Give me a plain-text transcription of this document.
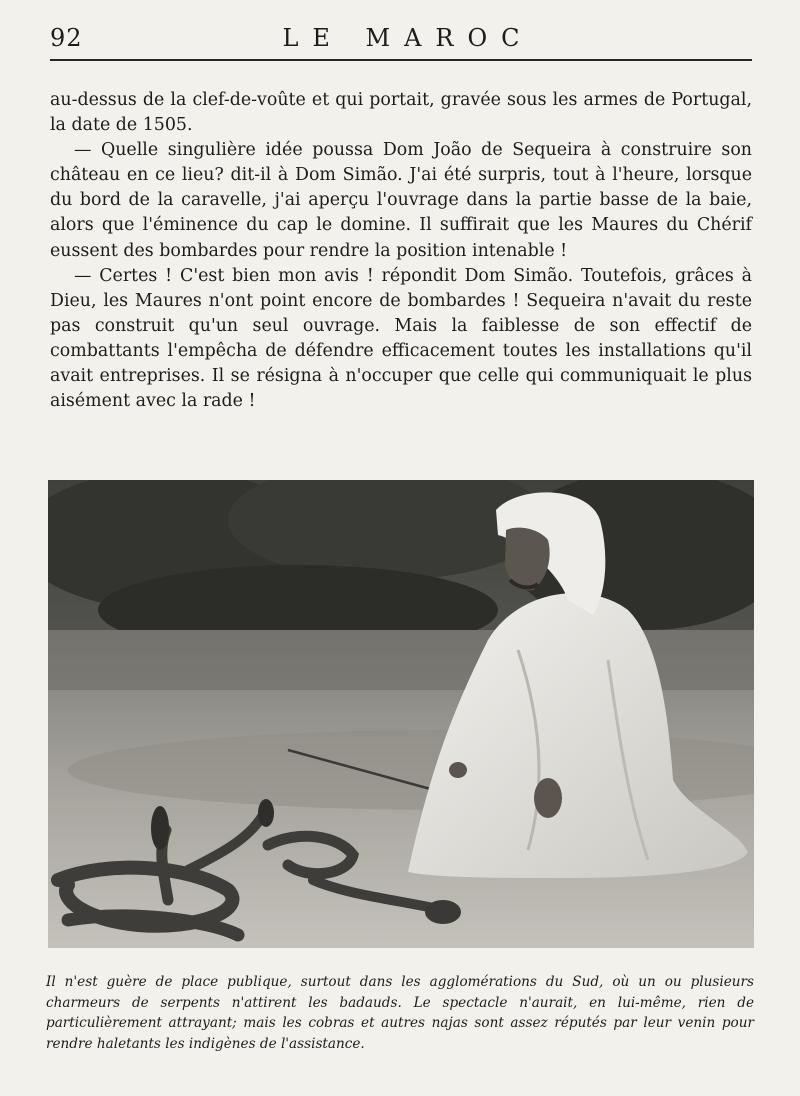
92	LE MAROC

au-dessus de la clef-de-voûte et qui portait, gravée sous les armes de Portugal, la date de 1505.

— Quelle singulière idée poussa Dom João de Sequeira à construire son château en ce lieu? dit-il à Dom Simão. J'ai été surpris, tout à l'heure, lorsque du bord de la caravelle, j'ai aperçu l'ouvrage dans la partie basse de la baie, alors que l'éminence du cap le domine. Il suffirait que les Maures du Chérif eussent des bombardes pour rendre la position intenable !

— Certes ! C'est bien mon avis ! répondit Dom Simão. Toutefois, grâces à Dieu, les Maures n'ont point encore de bombardes ! Sequeira n'avait du reste pas construit qu'un seul ouvrage. Mais la faiblesse de son effectif de combattants l'empêcha de défendre efficacement toutes les installations qu'il avait entreprises. Il se résigna à n'occuper que celle qui communiquait le plus aisément avec la rade !

Il n'est guère de place publique, surtout dans les agglomérations du Sud, où un ou plusieurs charmeurs de serpents n'attirent les badauds. Le spectacle n'aurait, en lui-même, rien de particulièrement attrayant; mais les cobras et autres najas sont assez réputés par leur venin pour rendre haletants les indigènes de l'assistance.
